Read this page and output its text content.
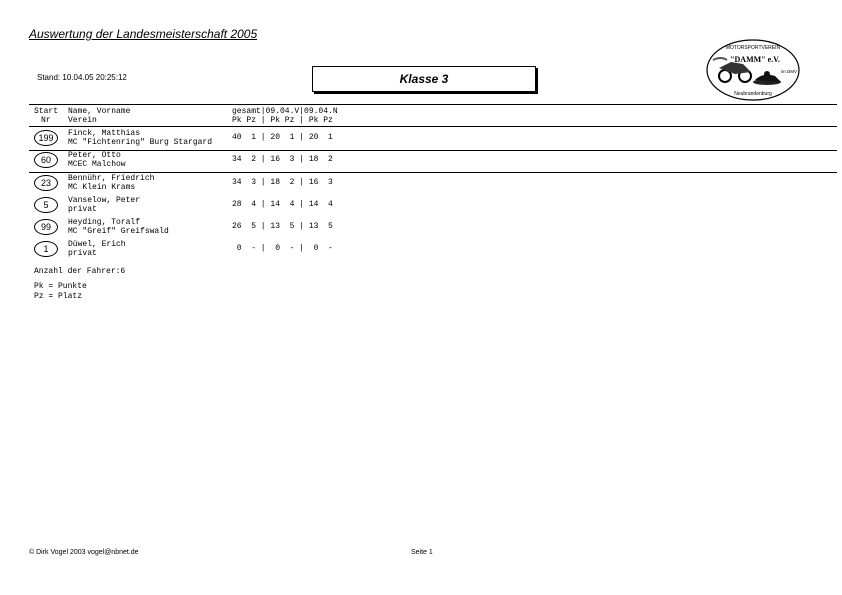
Auswertung der Landesmeisterschaft 2005
Stand: 10.04.05 20:25:12	Klasse 3
MOTORSPORTVEREIN
"DAMM" e.V.
im DMV
Neubrandenburg
Start
Nr
Name, Vorname
Verein
gesamt|09.04.V|09.04.N
Pk Pz | Pk Pz | Pk Pz
199	Finck, Matthias
MC "Fichtenring" Burg Stargard
40  1 | 20  1 | 20  1
60	Peter, Otto
MCEC Malchow
34  2 | 16  3 | 18  2
23	Bennühr, Friedrich
MC Klein Krams
34  3 | 18  2 | 16  3
5	Vanselow, Peter
privat
28  4 | 14  4 | 14  4
99	Heyding, Toralf
MC "Greif" Greifswald
26  5 | 13  5 | 13  5
1	Düwel, Erich
privat
0  - |  0  - |  0  -
Anzahl der Fahrer:6
Pk = Punkte
Pz = Platz
© Dirk Vogel 2003 vogel@nbnet.de	Seite 1
